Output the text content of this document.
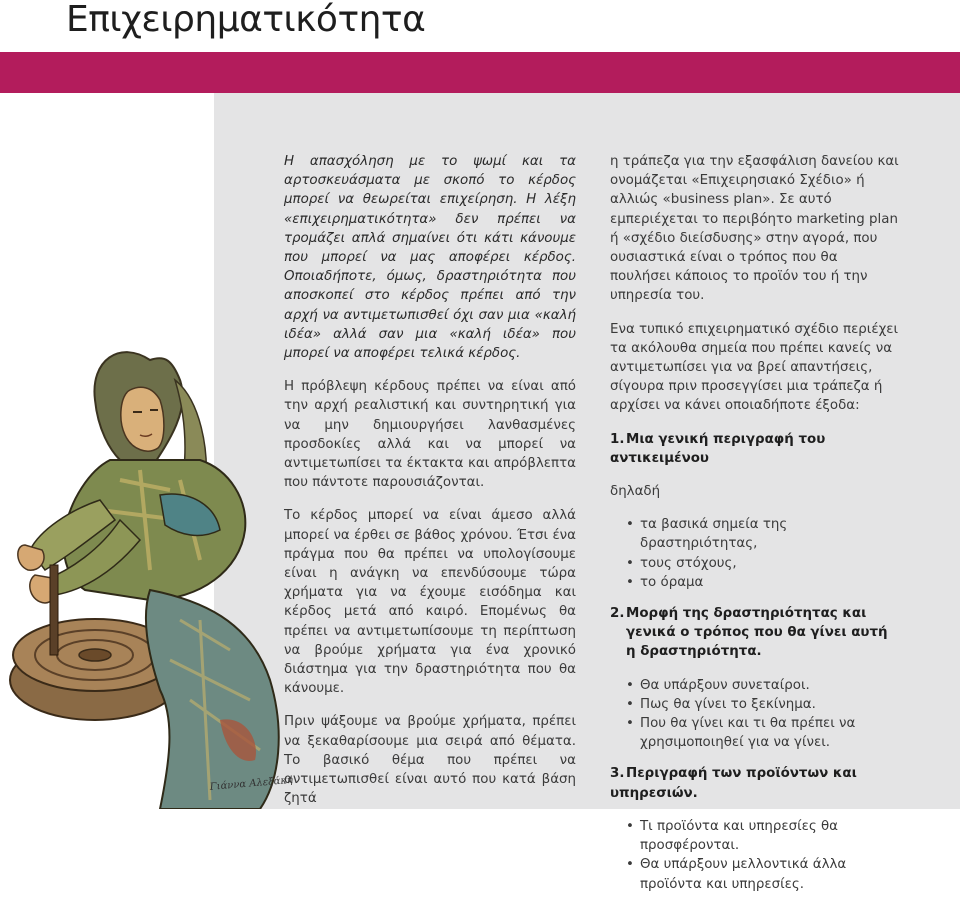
Επιχειρηματικότητα
Γιάννα Αλεξάκη

Η απασχόληση με το ψωμί και τα αρτοσκευάσματα με σκοπό το κέρδος μπορεί να θεωρείται επιχείρηση. Η λέξη «επιχειρηματικότητα» δεν πρέπει να τρομάζει απλά σημαίνει ότι κάτι κάνουμε που μπορεί να μας αποφέρει κέρδος. Οποιαδήποτε, όμως, δραστηριότητα που αποσκοπεί στο κέρδος πρέπει από την αρχή να αντιμετωπισθεί όχι σαν μια «καλή ιδέα» αλλά σαν μια «καλή ιδέα» που μπορεί να αποφέρει τελικά κέρδος.

Η πρόβλεψη κέρδους πρέπει να είναι από την αρχή ρεαλιστική και συντηρητική για να μην δημιουργήσει λανθασμένες προσδοκίες αλλά και να μπορεί να αντιμετωπίσει τα έκτακτα και απρόβλεπτα που πάντοτε παρουσιάζονται.

Το κέρδος μπορεί να είναι άμεσο αλλά μπορεί να έρθει σε βάθος χρόνου. Έτσι ένα πράγμα που θα πρέπει να υπολογίσουμε είναι η ανάγκη να επενδύσουμε τώρα χρήματα για να έχουμε εισόδημα και κέρδος μετά από καιρό. Επομένως θα πρέπει να αντιμετωπίσουμε τη περίπτωση να βρούμε χρήματα για ένα χρονικό διάστημα για την δραστηριότητα που θα κάνουμε.

Πριν ψάξουμε να βρούμε χρήματα, πρέπει να ξεκαθαρίσουμε μια σειρά από θέματα. Το βασικό θέμα που πρέπει να αντιμετωπισθεί είναι αυτό που κατά βάση ζητά

η τράπεζα για την εξασφάλιση δανείου και ονομάζεται «Επιχειρησιακό Σχέδιο» ή αλλιώς «business plan». Σε αυτό εμπεριέχεται το περιβόητο marketing plan ή «σχέδιο διείσδυσης» στην αγορά, που ουσιαστικά είναι ο τρόπος που θα πουλήσει κάποιος το προϊόν του ή την υπηρεσία του.

Ενα τυπικό επιχειρηματικό σχέδιο περιέχει τα ακόλουθα σημεία που πρέπει κανείς να αντιμετωπίσει για να βρεί απαντήσεις, σίγουρα πριν προσεγγίσει μια τράπεζα ή αρχίσει να κάνει οποιαδήποτε έξοδα:

1. Μια γενική περιγραφή του αντικειμένου

δηλαδή

• τα βασικά σημεία της δραστηριότητας,
• τους στόχους,
• το όραμα

2. Μορφή της δραστηριότητας και γενικά ο τρόπος που θα γίνει αυτή η δραστηριότητα.

• Θα υπάρξουν συνεταίροι.
• Πως θα γίνει το ξεκίνημα.
• Που θα γίνει και τι θα πρέπει να χρησιμοποιηθεί για να γίνει.

3. Περιγραφή των προϊόντων και υπηρεσιών.

• Τι προϊόντα και υπηρεσίες θα προσφέρονται.
• Θα υπάρξουν μελλοντικά άλλα προϊόντα και υπηρεσίες.
